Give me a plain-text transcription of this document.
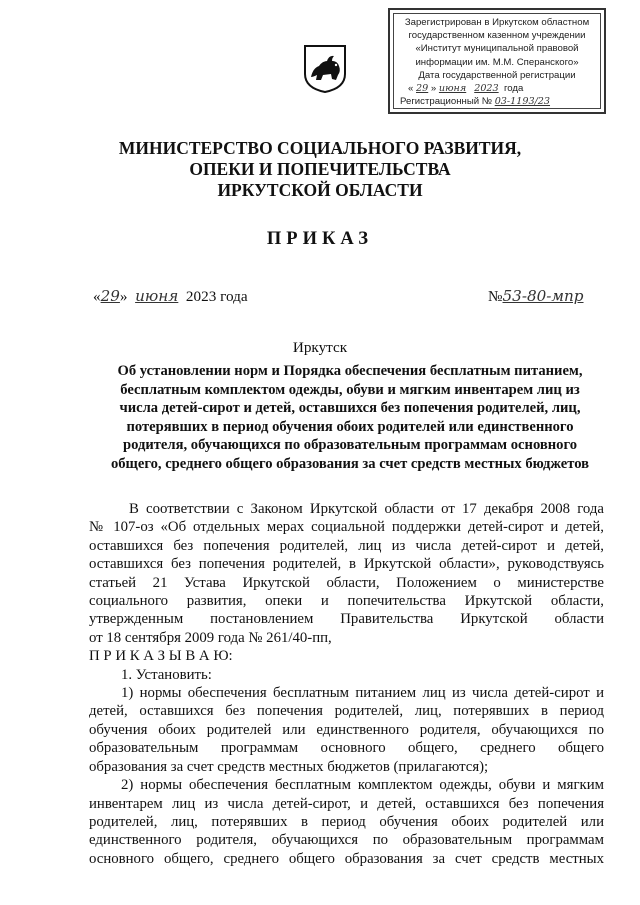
Зарегистрирован в Иркутском областном
государственном казенном учреждении
«Институт муниципальной правовой
информации им. М.М. Сперанского»
Дата государственной регистрации
« 29 » июня 2023 года
Регистрационный № 03-1193/23
МИНИСТЕРСТВО СОЦИАЛЬНОГО РАЗВИТИЯ,
ОПЕКИ И ПОПЕЧИТЕЛЬСТВА
ИРКУТСКОЙ ОБЛАСТИ
ПРИКАЗ
«29» июня 2023 года	№53-80-мпр
Иркутск
Об установлении норм и Порядка обеспечения бесплатным питанием,
бесплатным комплектом одежды, обуви и мягким инвентарем лиц из
числа детей-сирот и детей, оставшихся без попечения родителей, лиц,
потерявших в период обучения обоих родителей или единственного
родителя, обучающихся по образовательным программам основного
общего, среднего общего образования за счет средств местных бюджетов
В соответствии с Законом Иркутской области от 17 декабря 2008 года
№ 107-оз «Об отдельных мерах социальной поддержки детей-сирот и детей,
оставшихся без попечения родителей, лиц из числа детей-сирот и детей,
оставшихся без попечения родителей, в Иркутской области», руководствуясь
статьей 21 Устава Иркутской области, Положением о министерстве
социального развития, опеки и попечительства Иркутской области,
утвержденным постановлением Правительства Иркутской области
от 18 сентября 2009 года № 261/40-пп,
П Р И К А З Ы В А Ю:
1. Установить:
1) нормы обеспечения бесплатным питанием лиц из числа детей-сирот и
детей, оставшихся без попечения родителей, лиц, потерявших в период
обучения обоих родителей или единственного родителя, обучающихся по
образовательным программам основного общего, среднего общего
образования за счет средств местных бюджетов (прилагаются);
2) нормы обеспечения бесплатным комплектом одежды, обуви и мягким
инвентарем лиц из числа детей-сирот, и детей, оставшихся без попечения
родителей, лиц, потерявших в период обучения обоих родителей или
единственного родителя, обучающихся по образовательным программам
основного общего, среднего общего образования за счет средств местных
